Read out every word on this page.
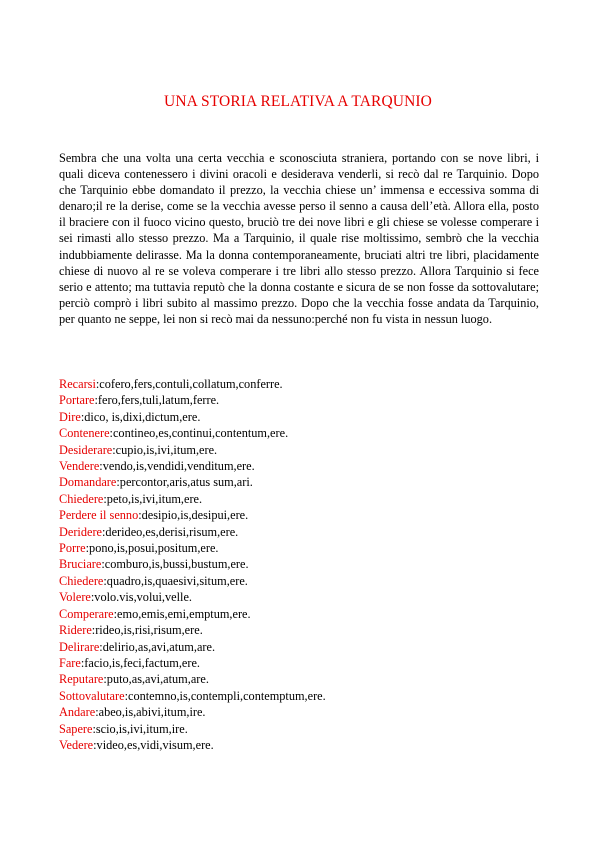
UNA STORIA RELATIVA A TARQUNIO

Sembra che una volta una certa vecchia e sconosciuta straniera, portando con se nove libri, i quali diceva contenessero i divini oracoli e desiderava venderli, si recò dal re Tarquinio. Dopo che Tarquinio ebbe domandato il prezzo, la vecchia chiese un’ immensa e eccessiva somma di denaro;il re la derise, come se la vecchia avesse perso il senno a causa dell’età. Allora ella, posto il braciere con il fuoco vicino questo, bruciò tre dei nove libri e gli chiese se volesse comperare i sei rimasti allo stesso prezzo. Ma a Tarquinio, il quale rise moltissimo, sembrò che la vecchia indubbiamente delirasse. Ma la donna contemporaneamente, bruciati altri tre libri, placidamente chiese di nuovo al re se voleva comperare i tre libri allo stesso prezzo. Allora Tarquinio si fece serio e attento; ma tuttavia reputò che la donna costante e sicura de se non fosse da sottovalutare; perciò comprò i libri subito al massimo prezzo. Dopo che la vecchia fosse andata da Tarquinio, per quanto ne seppe, lei non si recò mai da nessuno:perché non fu vista in nessun luogo.

Recarsi:cofero,fers,contuli,collatum,conferre.
Portare:fero,fers,tuli,latum,ferre.
Dire:dico, is,dixi,dictum,ere.
Contenere:contineo,es,continui,contentum,ere.
Desiderare:cupio,is,ivi,itum,ere.
Vendere:vendo,is,vendidi,venditum,ere.
Domandare:percontor,aris,atus sum,ari.
Chiedere:peto,is,ivi,itum,ere.
Perdere il senno:desipio,is,desipui,ere.
Deridere:derideo,es,derisi,risum,ere.
Porre:pono,is,posui,positum,ere.
Bruciare:comburo,is,bussi,bustum,ere.
Chiedere:quadro,is,quaesivi,situm,ere.
Volere:volo.vis,volui,velle.
Comperare:emo,emis,emi,emptum,ere.
Ridere:rideo,is,risi,risum,ere.
Delirare:delirio,as,avi,atum,are.
Fare:facio,is,feci,factum,ere.
Reputare:puto,as,avi,atum,are.
Sottovalutare:contemno,is,contempli,contemptum,ere.
Andare:abeo,is,abivi,itum,ire.
Sapere:scio,is,ivi,itum,ire.
Vedere:video,es,vidi,visum,ere.
